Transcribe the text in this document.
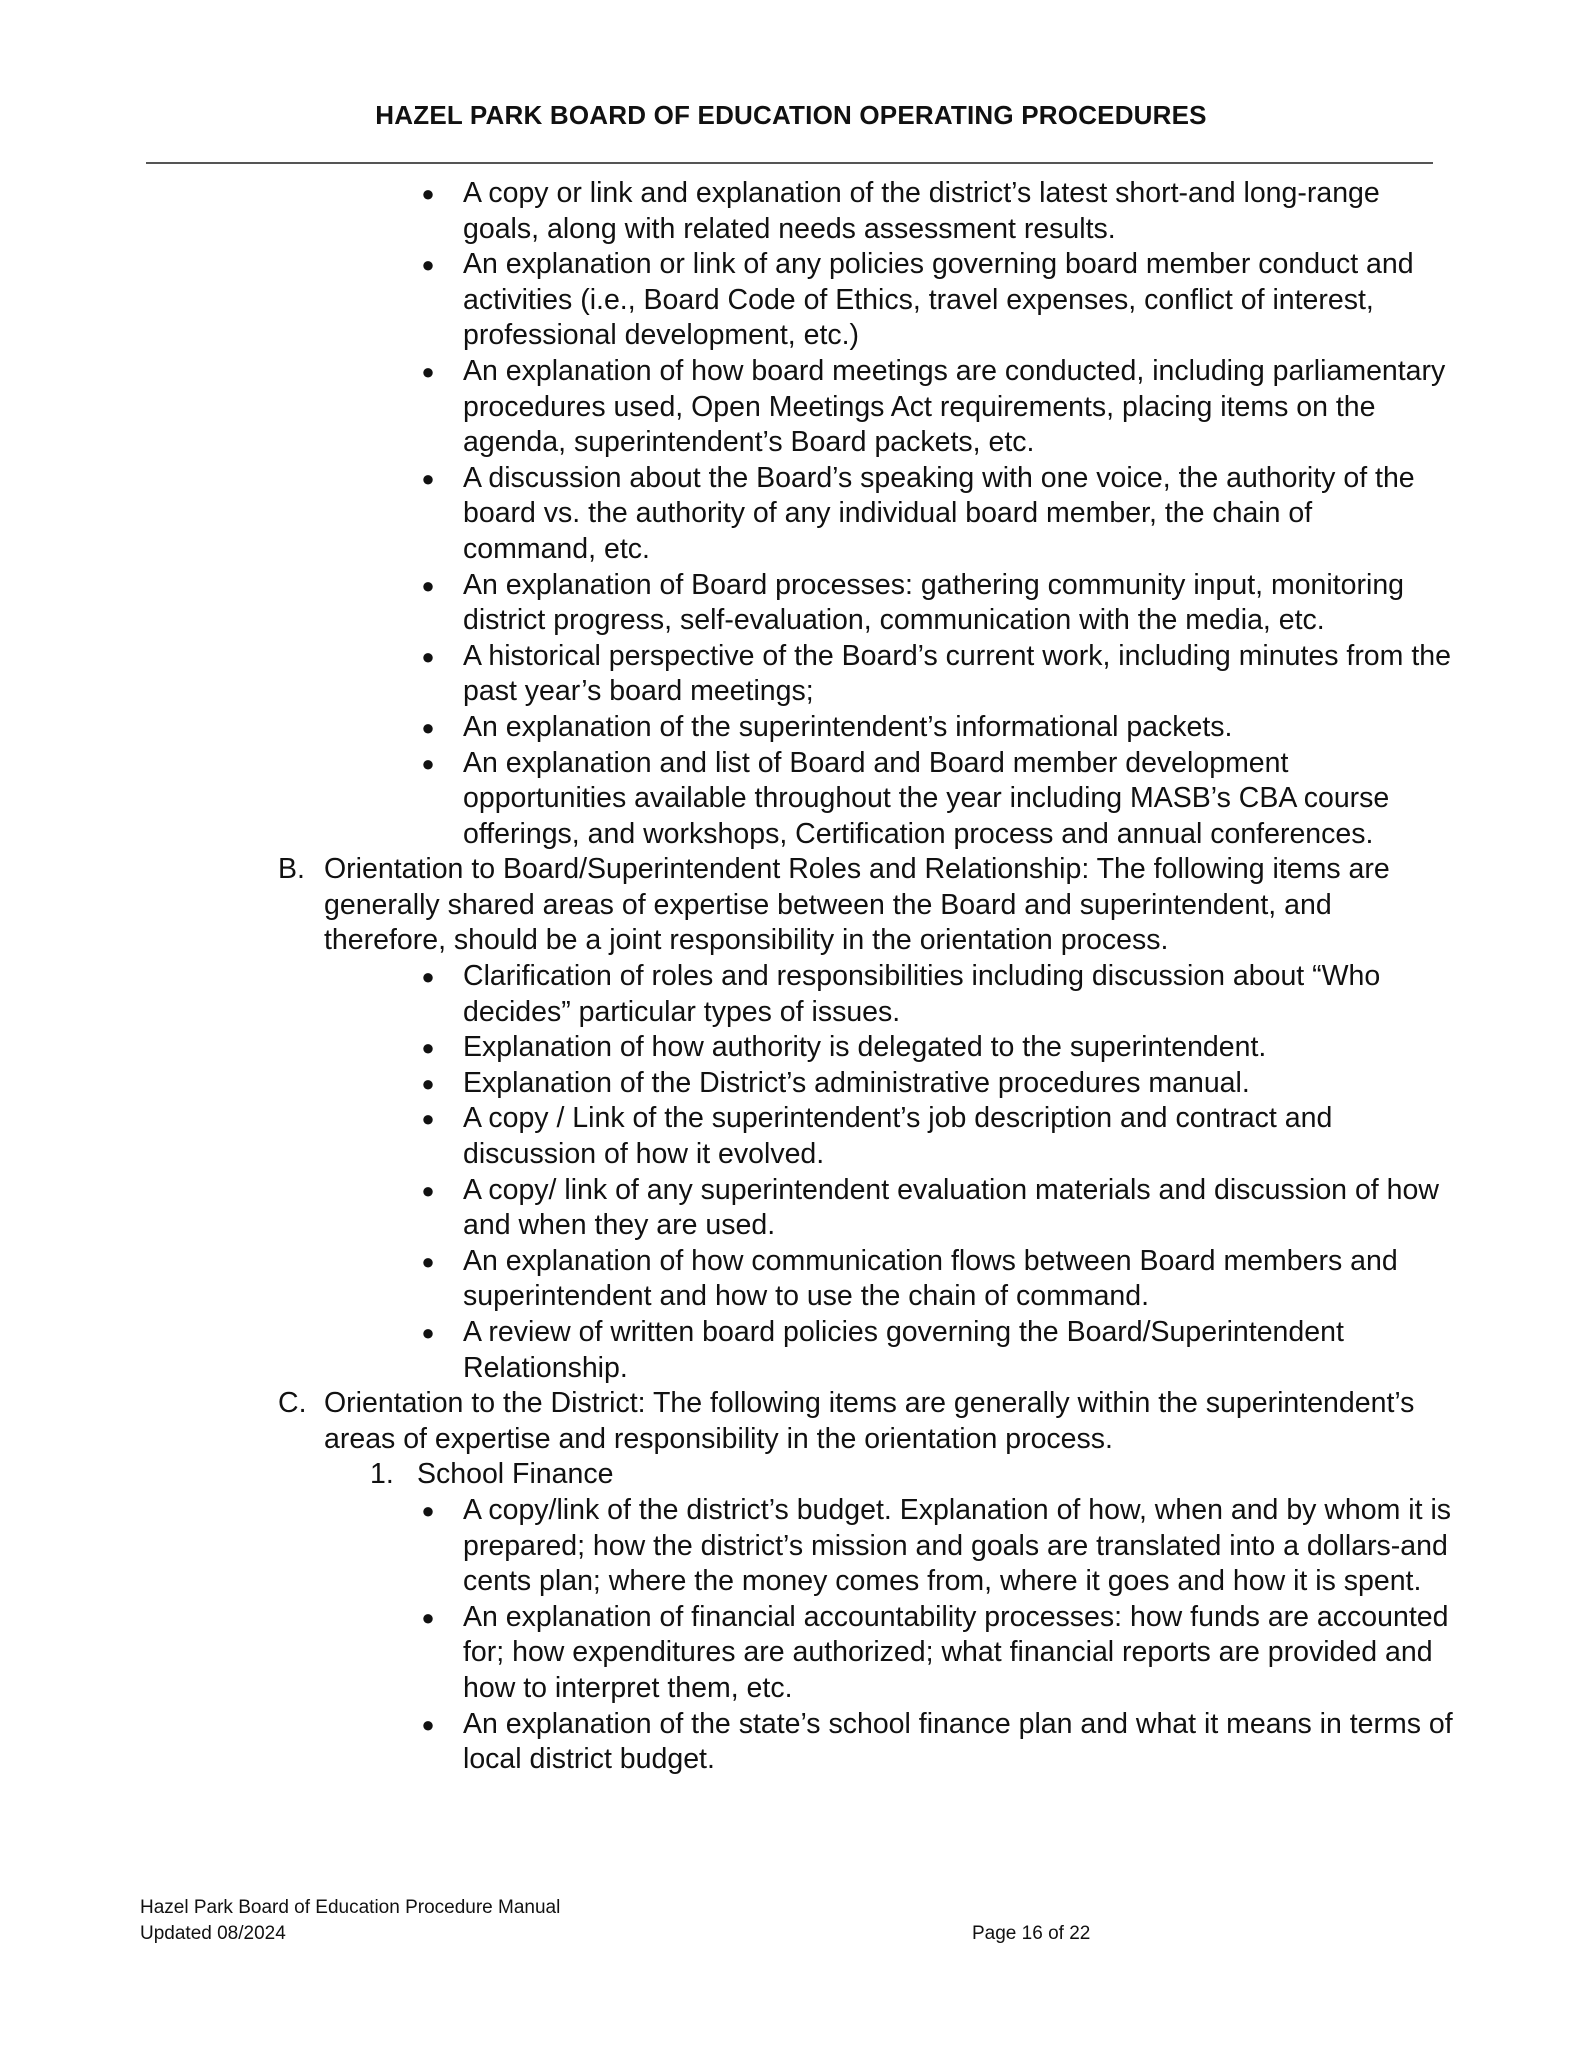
HAZEL PARK BOARD OF EDUCATION OPERATING PROCEDURES
● A copy or link and explanation of the district’s latest short-and long-range goals, along with related needs assessment results.
● An explanation or link of any policies governing board member conduct and activities (i.e., Board Code of Ethics, travel expenses, conflict of interest, professional development, etc.)
● An explanation of how board meetings are conducted, including parliamentary procedures used, Open Meetings Act requirements, placing items on the agenda, superintendent’s Board packets, etc.
● A discussion about the Board’s speaking with one voice, the authority of the board vs. the authority of any individual board member, the chain of command, etc.
● An explanation of Board processes: gathering community input, monitoring district progress, self-evaluation, communication with the media, etc.
● A historical perspective of the Board’s current work, including minutes from the past year’s board meetings;
● An explanation of the superintendent’s informational packets.
● An explanation and list of Board and Board member development opportunities available throughout the year including MASB’s CBA course offerings, and workshops, Certification process and annual conferences.
B. Orientation to Board/Superintendent Roles and Relationship: The following items are generally shared areas of expertise between the Board and superintendent, and therefore, should be a joint responsibility in the orientation process.
● Clarification of roles and responsibilities including discussion about “Who decides” particular types of issues.
● Explanation of how authority is delegated to the superintendent.
● Explanation of the District’s administrative procedures manual.
● A copy / Link of the superintendent’s job description and contract and discussion of how it evolved.
● A copy/ link of any superintendent evaluation materials and discussion of how and when they are used.
● An explanation of how communication flows between Board members and superintendent and how to use the chain of command.
● A review of written board policies governing the Board/Superintendent Relationship.
C. Orientation to the District: The following items are generally within the superintendent’s areas of expertise and responsibility in the orientation process.
1. School Finance
● A copy/link of the district’s budget. Explanation of how, when and by whom it is prepared; how the district’s mission and goals are translated into a dollars-and cents plan; where the money comes from, where it goes and how it is spent.
● An explanation of financial accountability processes: how funds are accounted for; how expenditures are authorized; what financial reports are provided and how to interpret them, etc.
● An explanation of the state’s school finance plan and what it means in terms of local district budget.
Hazel Park Board of Education Procedure Manual
Updated 08/2024	Page 16 of 22
